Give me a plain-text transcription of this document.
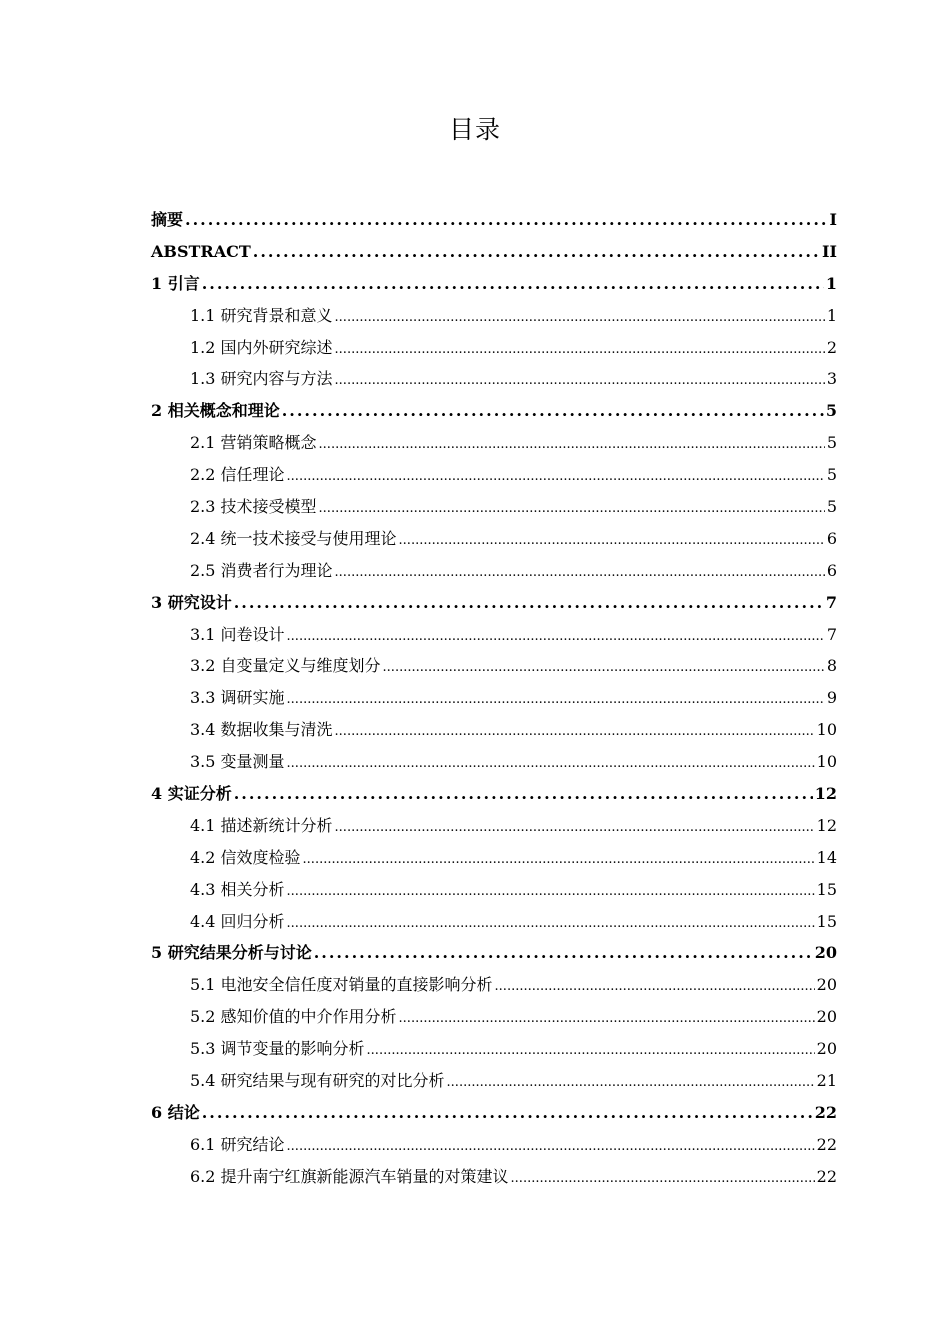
目录
摘要 .....	I
ABSTRACT .....	II
1 引言 .....	1
1.1 研究背景和意义 .....	1
1.2 国内外研究综述 .....	2
1.3 研究内容与方法 .....	3
2 相关概念和理论 .....	5
2.1 营销策略概念 .....	5
2.2 信任理论 .....	5
2.3 技术接受模型 .....	5
2.4 统一技术接受与使用理论 .....	6
2.5 消费者行为理论 .....	6
3 研究设计 .....	7
3.1 问卷设计 .....	7
3.2 自变量定义与维度划分 .....	8
3.3 调研实施 .....	9
3.4 数据收集与清洗 .....	10
3.5 变量测量 .....	10
4 实证分析 .....	12
4.1 描述新统计分析 .....	12
4.2 信效度检验 .....	14
4.3 相关分析 .....	15
4.4 回归分析 .....	15
5 研究结果分析与讨论 .....	20
5.1 电池安全信任度对销量的直接影响分析 .....	20
5.2 感知价值的中介作用分析 .....	20
5.3 调节变量的影响分析 .....	20
5.4 研究结果与现有研究的对比分析 .....	21
6 结论 .....	22
6.1 研究结论 .....	22
6.2 提升南宁红旗新能源汽车销量的对策建议 .....	22
